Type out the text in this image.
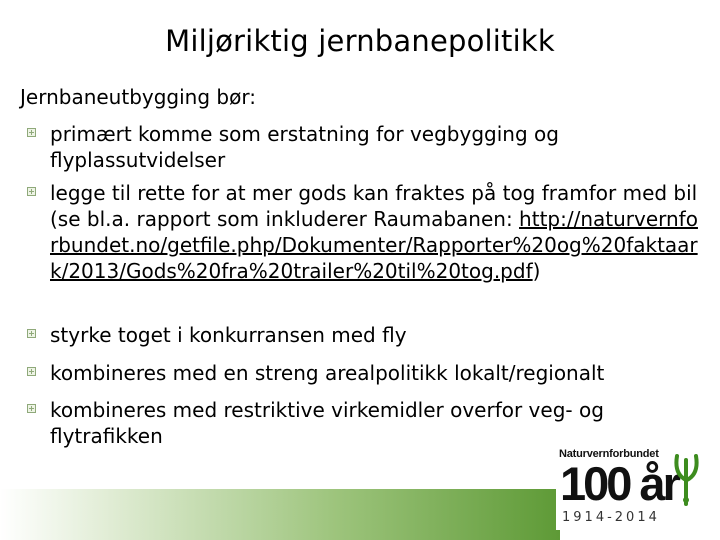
Miljøriktig jernbanepolitikk
Jernbaneutbygging bør:
primært komme som erstatning for vegbygging og flyplassutvidelser
legge til rette for at mer gods kan fraktes på tog framfor med bil (se bl.a. rapport som inkluderer Raumabanen: http://naturvernforbundet.no/getfile.php/Dokumenter/Rapporter%20og%20faktaark/2013/Gods%20fra%20trailer%20til%20tog.pdf)
styrke toget i konkurransen med fly
kombineres med en streng arealpolitikk lokalt/regionalt
kombineres med restriktive virkemidler overfor veg- og flytrafikken
Naturvernforbundet
100 år
1914-2014
